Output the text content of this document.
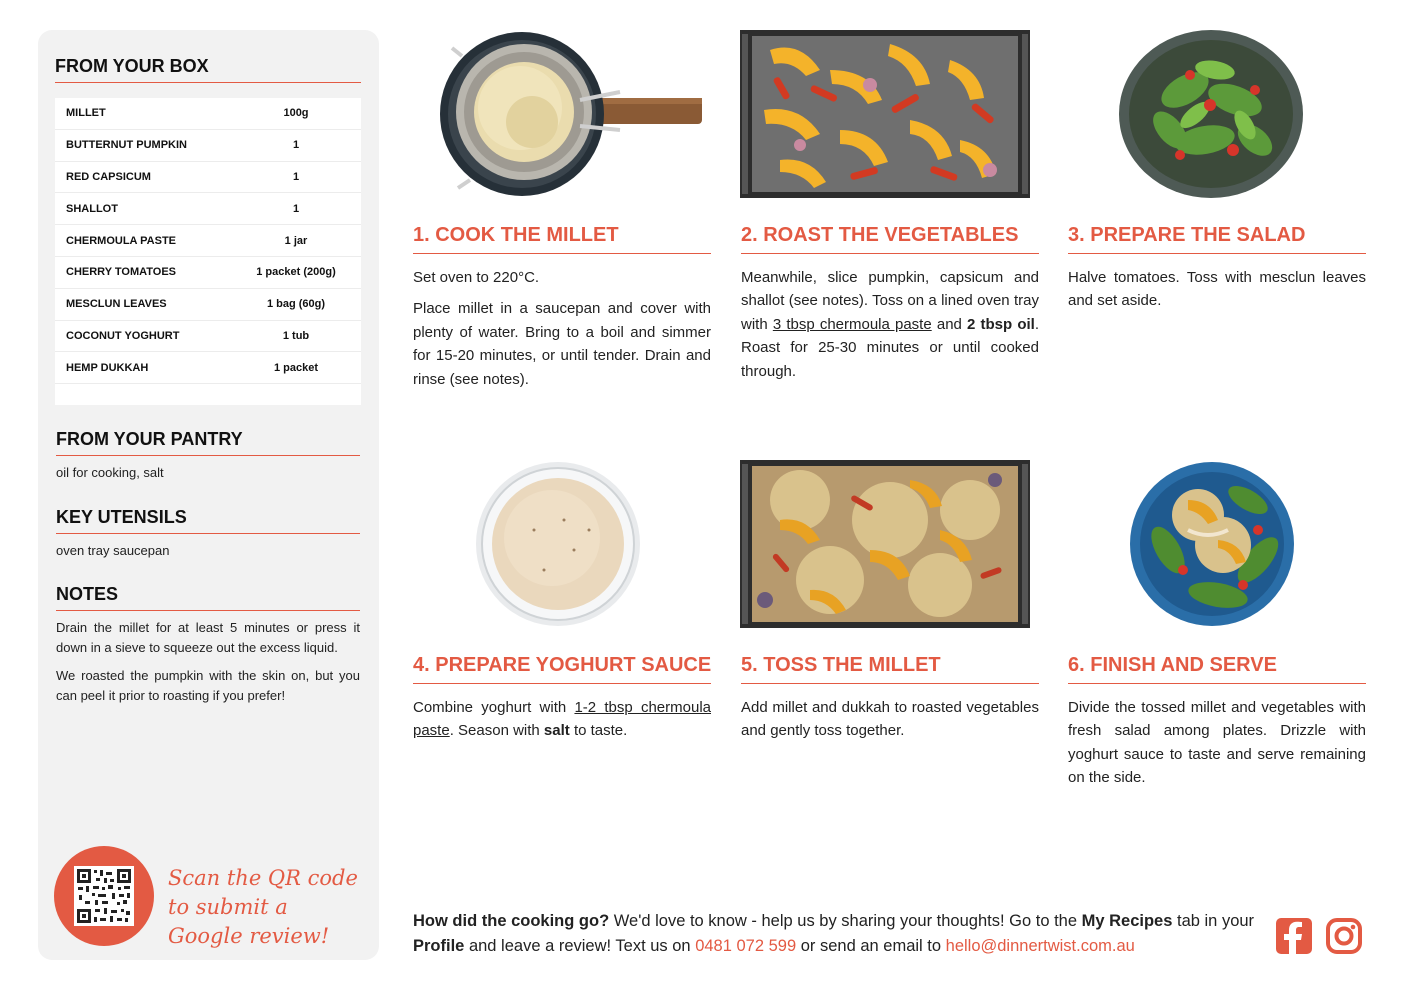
FROM YOUR BOX
MILLET	100g
BUTTERNUT PUMPKIN	1
RED CAPSICUM	1
SHALLOT	1
CHERMOULA PASTE	1 jar
CHERRY TOMATOES	1 packet (200g)
MESCLUN LEAVES	1 bag (60g)
COCONUT YOGHURT	1 tub
HEMP DUKKAH	1 packet
FROM YOUR PANTRY
oil for cooking, salt
KEY UTENSILS
oven tray saucepan
NOTES

Drain the millet for at least 5 minutes or press it down in a sieve to squeeze out the excess liquid.

We roasted the pumpkin with the skin on, but you can peel it prior to roasting if you prefer!

Scan the QR code to submit a Google review!
1. COOK THE MILLET

Set oven to 220°C.

Place millet in a saucepan and cover with plenty of water. Bring to a boil and simmer for 15-20 minutes, or until tender. Drain and rinse (see notes).

2. ROAST THE VEGETABLES

Meanwhile, slice pumpkin, capsicum and shallot (see notes). Toss on a lined oven tray with 3 tbsp chermoula paste and 2 tbsp oil. Roast for 25-30 minutes or until cooked through.

3. PREPARE THE SALAD

Halve tomatoes. Toss with mesclun leaves and set aside.

4. PREPARE YOGHURT SAUCE

Combine yoghurt with 1-2 tbsp chermoula paste. Season with salt to taste.

5. TOSS THE MILLET

Add millet and dukkah to roasted vegetables and gently toss together.

6. FINISH AND SERVE

Divide the tossed millet and vegetables with fresh salad among plates. Drizzle with yoghurt sauce to taste and serve remaining on the side.

How did the cooking go? We'd love to know - help us by sharing your thoughts! Go to the My Recipes tab in your Profile and leave a review! Text us on 0481 072 599 or send an email to hello@dinnertwist.com.au
